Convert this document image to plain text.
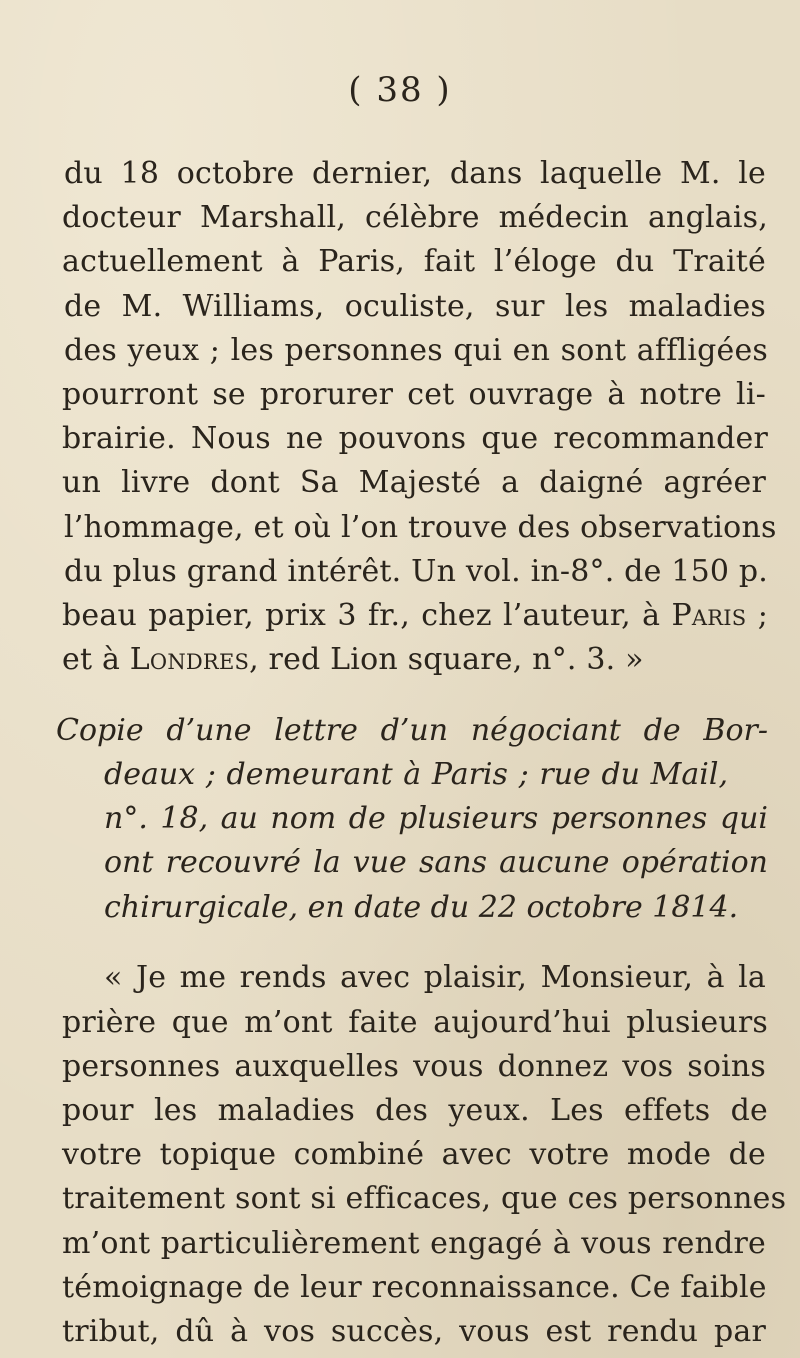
( 38 )
du 18 octobre dernier, dans laquelle M. le
docteur Marshall, célèbre médecin anglais,
actuellement à Paris, fait l’éloge du Traité
de M. Williams, oculiste, sur les maladies
des yeux ; les personnes qui en sont affligées
pourront se prorurer cet ouvrage à notre li-
brairie. Nous ne pouvons que recommander
un livre dont Sa Majesté a daigné agréer
l’hommage, et où l’on trouve des observations
du plus grand intérêt. Un vol. in-8°. de 150 p.
beau papier, prix 3 fr., chez l’auteur, à Paris ;
et à Londres, red Lion square, n°. 3. »
Copie d’une lettre d’un négociant de Bor-
deaux ; demeurant à Paris ; rue du Mail,
n°. 18, au nom de plusieurs personnes qui
ont recouvré la vue sans aucune opération
chirurgicale, en date du 22 octobre 1814.
« Je me rends avec plaisir, Monsieur, à la
prière que m’ont faite aujourd’hui plusieurs
personnes auxquelles vous donnez vos soins
pour les maladies des yeux. Les effets de
votre topique combiné avec votre mode de
traitement sont si efficaces, que ces personnes
m’ont particulièrement engagé à vous rendre
témoignage de leur reconnaissance. Ce faible
tribut, dû à vos succès, vous est rendu par
